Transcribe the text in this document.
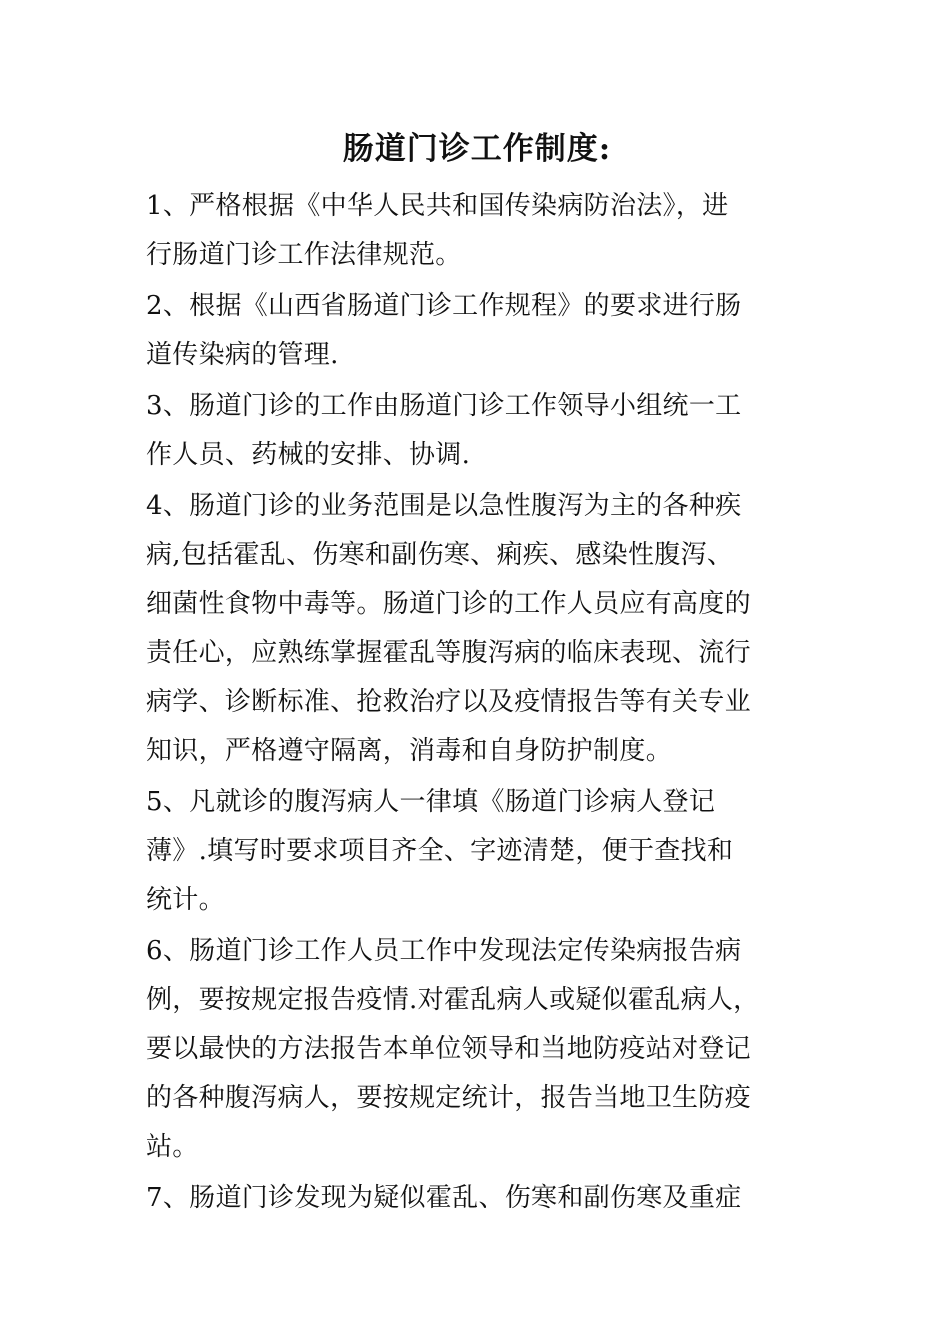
肠道门诊工作制度:

1、严格根据《中华人民共和国传染病防治法》，进
行肠道门诊工作法律规范。

2、根据《山西省肠道门诊工作规程》的要求进行肠
道传染病的管理.

3、肠道门诊的工作由肠道门诊工作领导小组统一工
作人员、药械的安排、协调.

4、肠道门诊的业务范围是以急性腹泻为主的各种疾
病,包括霍乱、伤寒和副伤寒、痢疾、感染性腹泻、
细菌性食物中毒等。肠道门诊的工作人员应有高度的
责任心，应熟练掌握霍乱等腹泻病的临床表现、流行
病学、诊断标准、抢救治疗以及疫情报告等有关专业
知识，严格遵守隔离，消毒和自身防护制度。

5、凡就诊的腹泻病人一律填《肠道门诊病人登记
薄》.填写时要求项目齐全、字迹清楚，便于查找和
统计。

6、肠道门诊工作人员工作中发现法定传染病报告病
例，要按规定报告疫情.对霍乱病人或疑似霍乱病人，
要以最快的方法报告本单位领导和当地防疫站对登记
的各种腹泻病人，要按规定统计，报告当地卫生防疫
站。

7、肠道门诊发现为疑似霍乱、伤寒和副伤寒及重症
